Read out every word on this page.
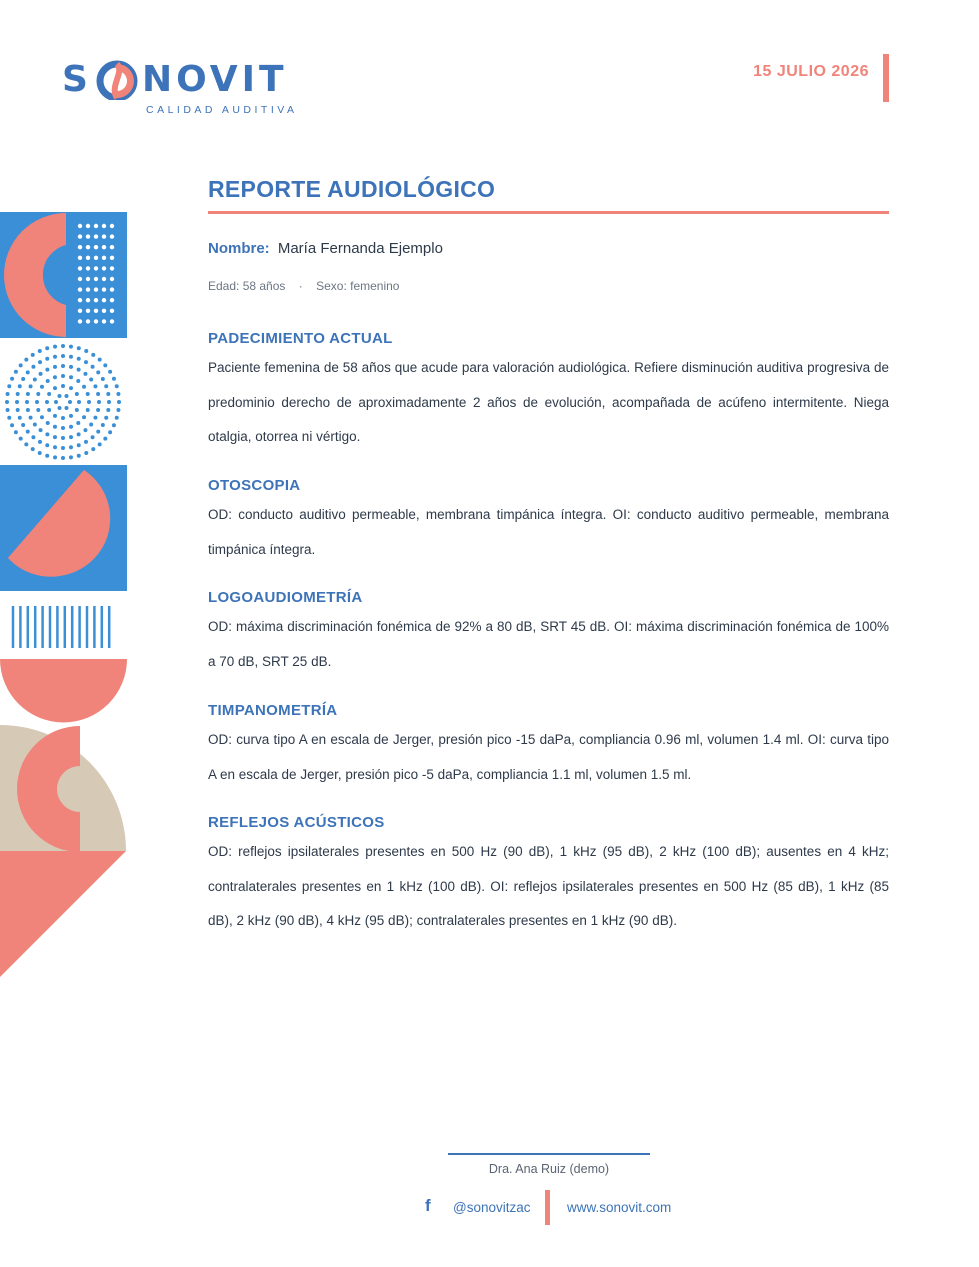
S NOVIT
CALIDAD AUDITIVA
15 JULIO 2026
REPORTE AUDIOLÓGICO
Nombre: María Fernanda Ejemplo
Edad: 58 años · Sexo: femenino
PADECIMIENTO ACTUAL

Paciente femenina de 58 años que acude para valoración audiológica. Refiere disminución auditiva progresiva de predominio derecho de aproximadamente 2 años de evolución, acompañada de acúfeno intermitente. Niega otalgia, otorrea ni vértigo.

OTOSCOPIA

OD: conducto auditivo permeable, membrana timpánica íntegra. OI: conducto auditivo permeable, membrana timpánica íntegra.

LOGOAUDIOMETRÍA

OD: máxima discriminación fonémica de 92% a 80 dB, SRT 45 dB. OI: máxima discriminación fonémica de 100% a 70 dB, SRT 25 dB.

TIMPANOMETRÍA

OD: curva tipo A en escala de Jerger, presión pico -15 daPa, compliancia 0.96 ml, volumen 1.4 ml. OI: curva tipo A en escala de Jerger, presión pico -5 daPa, compliancia 1.1 ml, volumen 1.5 ml.

REFLEJOS ACÚSTICOS

OD: reflejos ipsilaterales presentes en 500 Hz (90 dB), 1 kHz (95 dB), 2 kHz (100 dB); ausentes en 4 kHz; contralaterales presentes en 1 kHz (100 dB). OI: reflejos ipsilaterales presentes en 500 Hz (85 dB), 1 kHz (85 dB), 2 kHz (90 dB), 4 kHz (95 dB); contralaterales presentes en 1 kHz (90 dB).

Dra. Ana Ruiz (demo)
f @sonovitzac	www.sonovit.com
